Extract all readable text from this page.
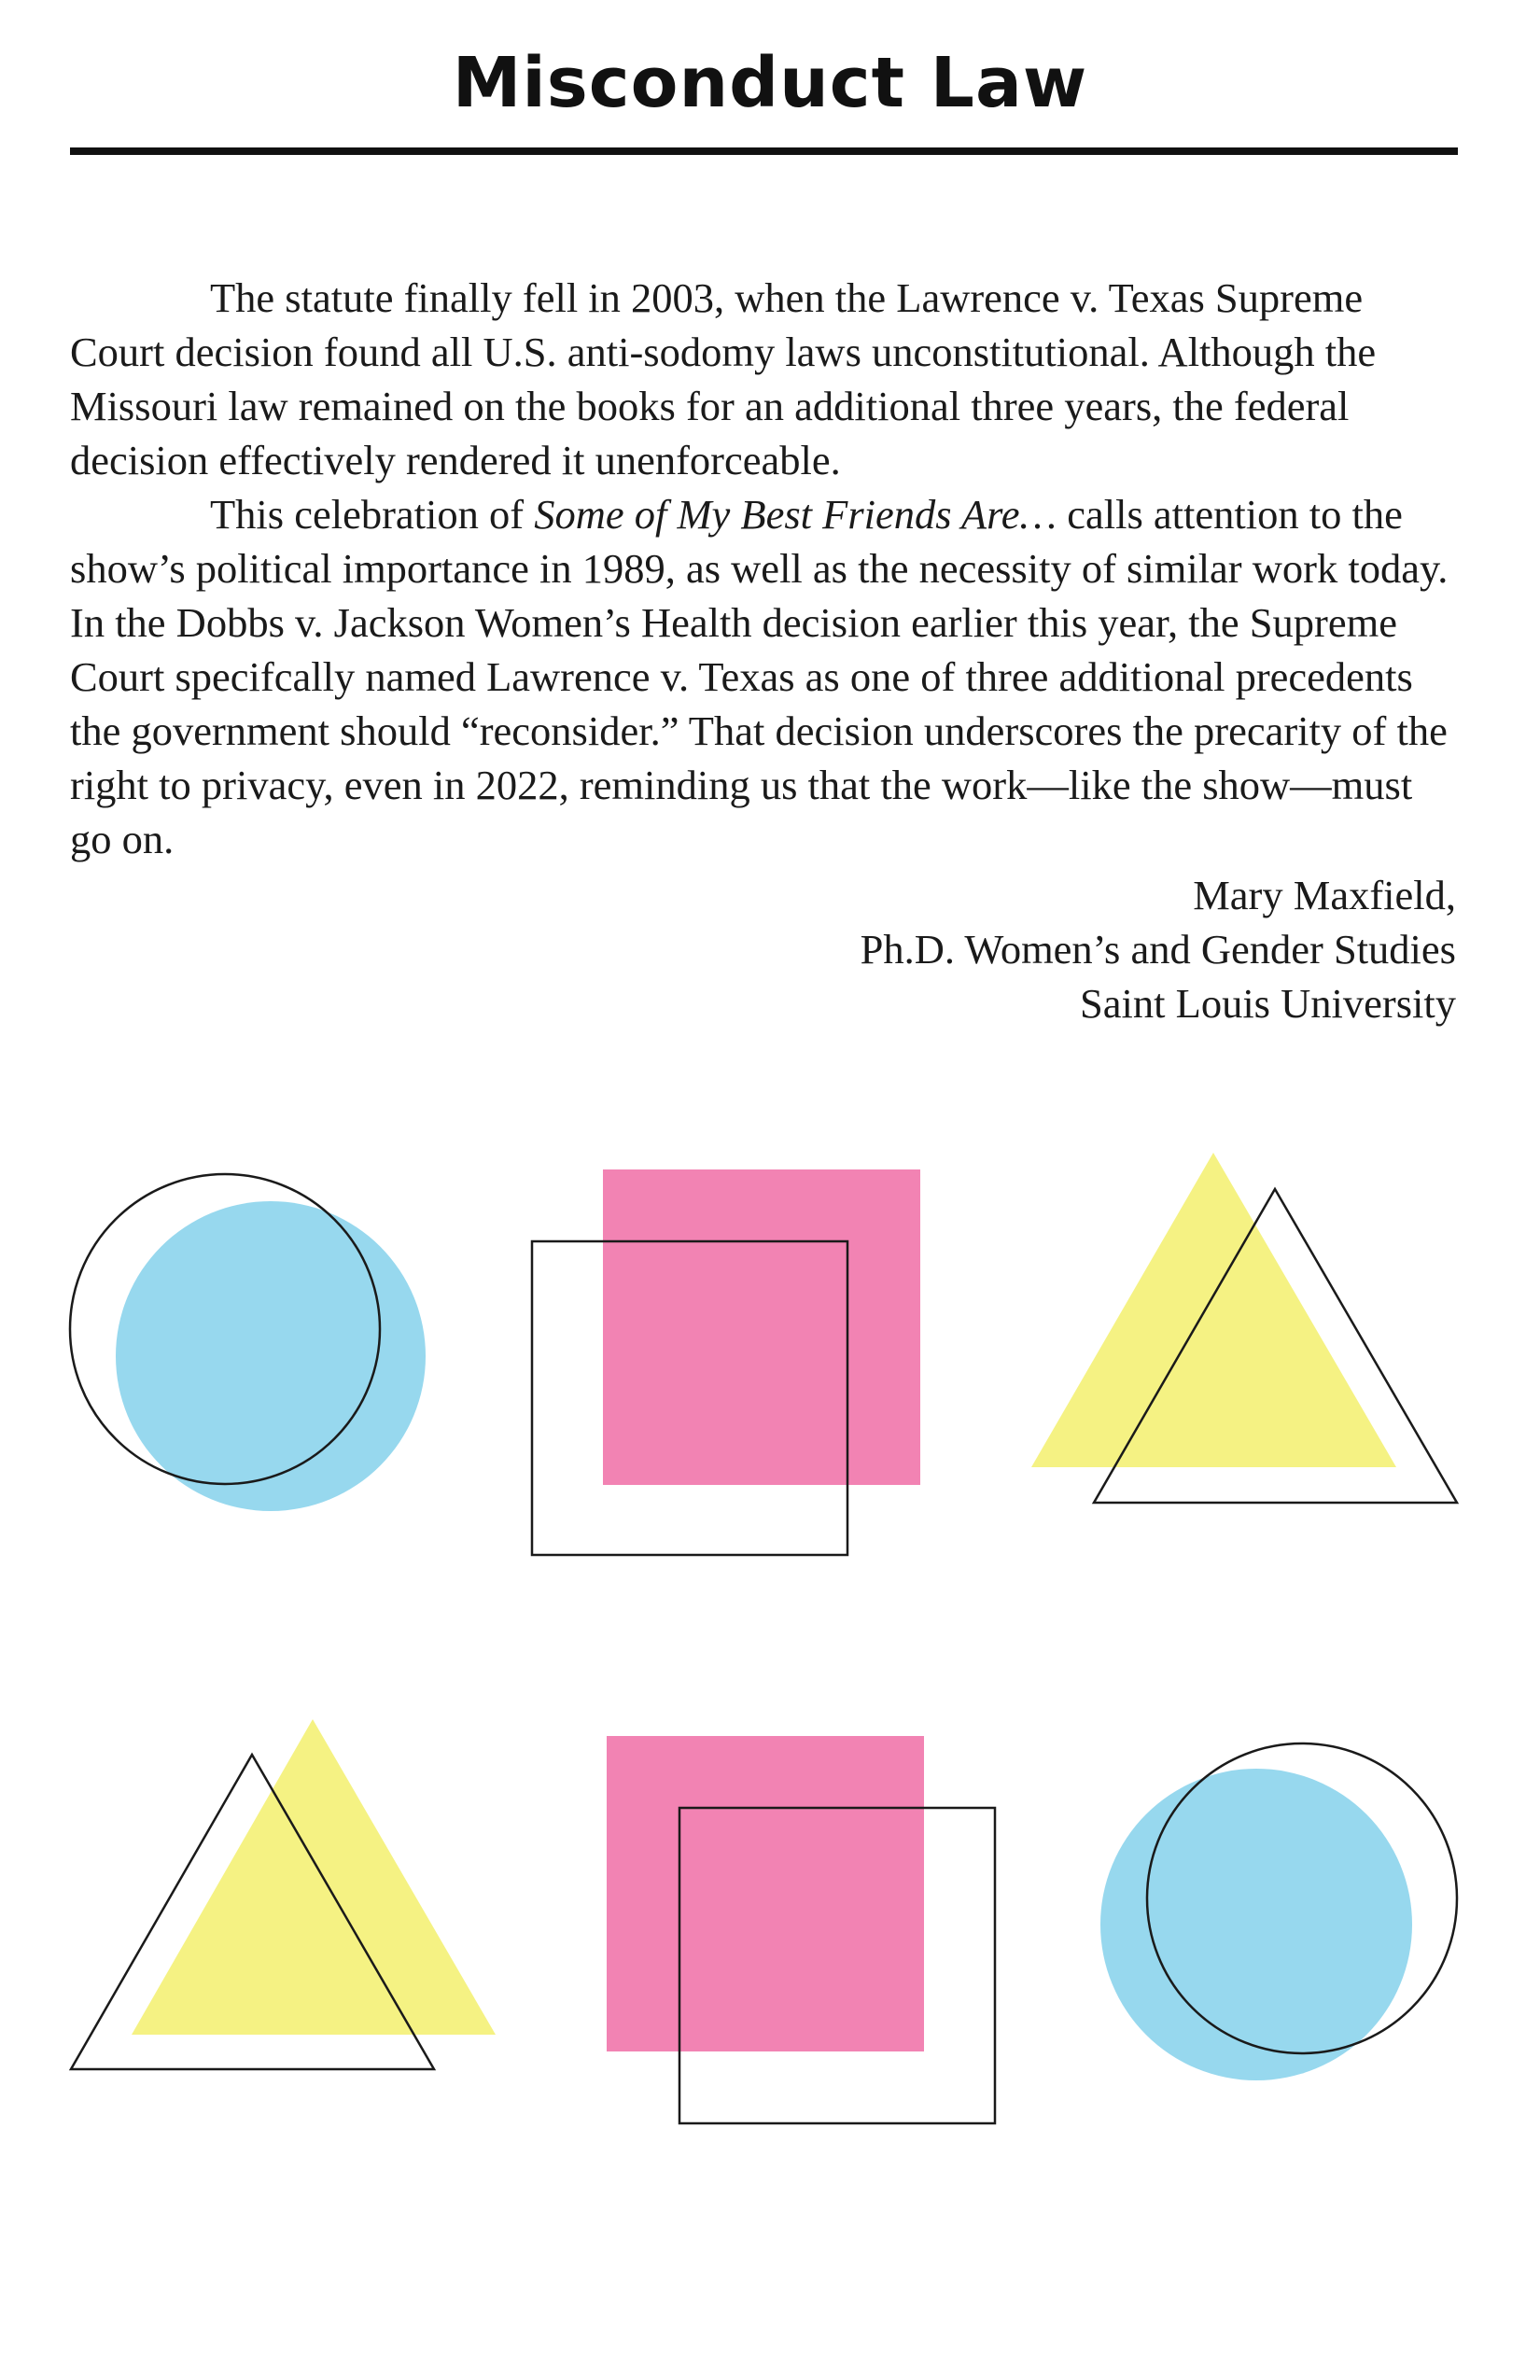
Misconduct Law

The statute finally fell in 2003, when the Lawrence v. Texas Supreme Court decision found all U.S. anti-sodomy laws unconstitutional. Although the Missouri law remained on the books for an additional three years, the federal decision effectively rendered it unenforceable.

This celebration of Some of My Best Friends Are… calls attention to the show’s political importance in 1989, as well as the necessity of similar work today. In the Dobbs v. Jackson Women’s Health decision earlier this year, the Supreme Court specifcally named Lawrence v. Texas as one of three additional precedents the government should “reconsider.” That decision underscores the precarity of the right to privacy, even in 2022, reminding us that the work—like the show—must go on.

Mary Maxfield,
Ph.D. Women’s and Gender Studies
Saint Louis University
